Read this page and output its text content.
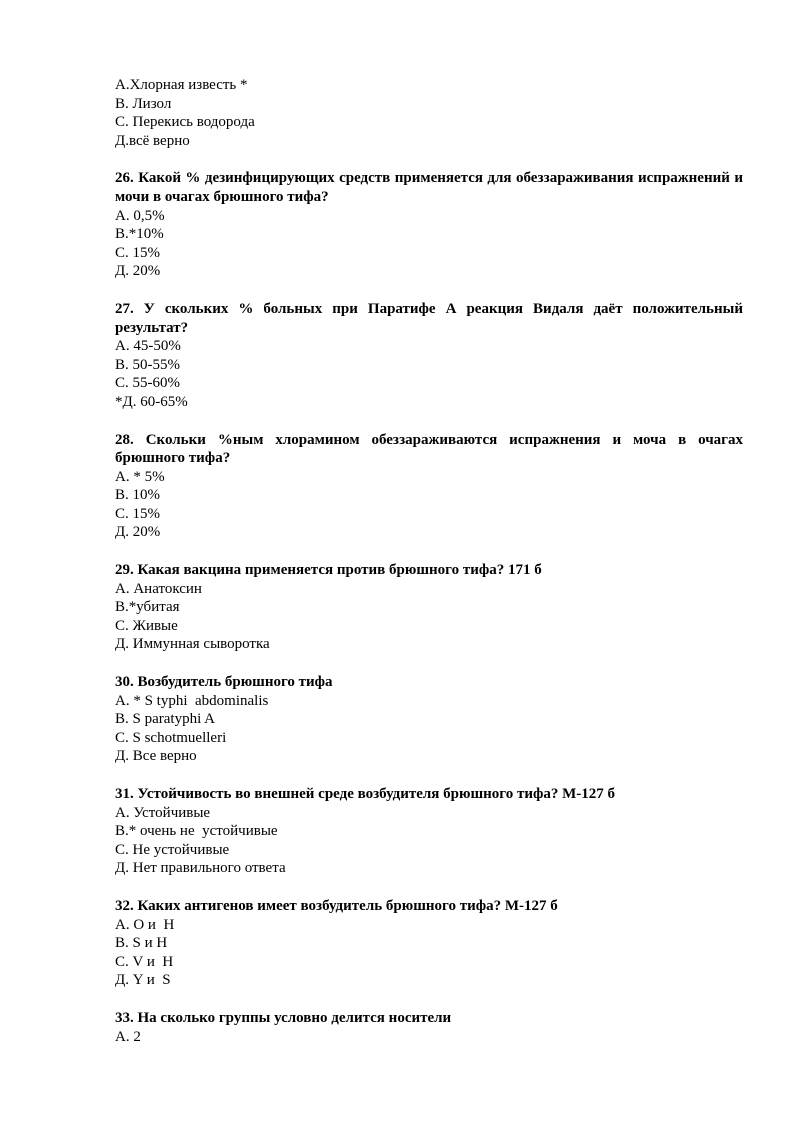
А.Хлорная известь *
В. Лизол
С. Перекись водорода
Д.всё верно
26. Какой % дезинфицирующих средств применяется для обеззараживания испражнений и мочи в очагах брюшного тифа?
А. 0,5%
В.*10%
С. 15%
Д. 20%
27. У скольких % больных при Паратифе А реакция Видаля даёт положительный результат?
А. 45-50%
В. 50-55%
С. 55-60%
*Д. 60-65%
28. Скольки %ным хлорамином обеззараживаются испражнения и моча в очагах брюшного тифа?
А. * 5%
В. 10%
С. 15%
Д. 20%
29. Какая вакцина применяется против брюшного тифа? 171 б
А. Анатоксин
В.*убитая
С. Живые
Д. Иммунная сыворотка
30. Возбудитель брюшного тифа
А. * S typhi  abdominalis
В. S paratyphi A
С. S schotmuelleri
Д. Все верно
31. Устойчивость во внешней среде возбудителя брюшного тифа? М-127 б
А. Устойчивые
В.* очень не  устойчивые
С. Не устойчивые
Д. Нет правильного ответа
32. Каких антигенов имеет возбудитель брюшного тифа? М-127 б
А. O и  H
В. S и H
С. V и  H
Д. Y и  S
33. На сколько группы условно делится носители
А. 2
